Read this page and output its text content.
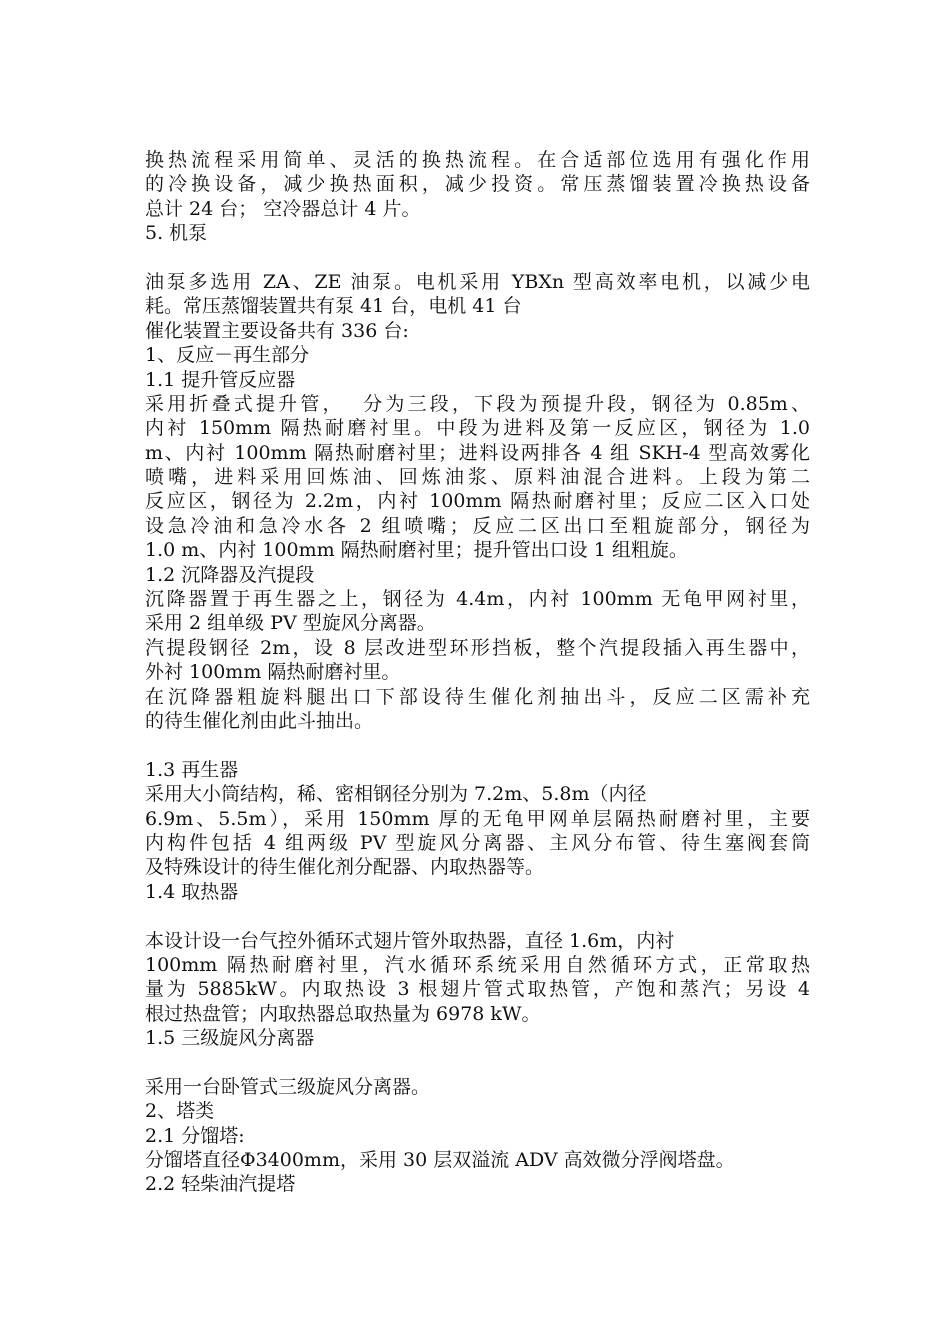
换热流程采用简单、灵活的换热流程。在合适部位选用有强化作用
的冷换设备，减少换热面积，减少投资。常压蒸馏装置冷换热设备
总计 24 台； 空冷器总计 4 片。
5. 机泵
油泵多选用 ZA、ZE 油泵。电机采用 YBXn 型高效率电机，以减少电
耗。常压蒸馏装置共有泵 41 台，电机 41 台
催化装置主要设备共有 336 台:
1、反应－再生部分
1.1 提升管反应器
采用折叠式提升管，  分为三段，下段为预提升段，钢径为 0.85m、
内衬 150mm 隔热耐磨衬里。中段为进料及第一反应区，钢径为 1.0
m、内衬 100mm 隔热耐磨衬里；进料设两排各 4 组 SKH-4 型高效雾化
喷嘴，进料采用回炼油、回炼油浆、原料油混合进料。上段为第二
反应区，钢径为 2.2m，内衬 100mm 隔热耐磨衬里；反应二区入口处
设急冷油和急冷水各 2 组喷嘴；反应二区出口至粗旋部分，钢径为
1.0 m、内衬 100mm 隔热耐磨衬里；提升管出口设 1 组粗旋。
1.2 沉降器及汽提段
沉降器置于再生器之上，钢径为 4.4m，内衬 100mm 无龟甲网衬里，
采用 2 组单级 PV 型旋风分离器。
汽提段钢径 2m，设 8 层改进型环形挡板，整个汽提段插入再生器中，
外衬 100mm 隔热耐磨衬里。
在沉降器粗旋料腿出口下部设待生催化剂抽出斗，反应二区需补充
的待生催化剂由此斗抽出。
1.3 再生器
采用大小筒结构，稀、密相钢径分别为 7.2m、5.8m（内径
6.9m、5.5m），采用 150mm 厚的无龟甲网单层隔热耐磨衬里，主要
内构件包括 4 组两级 PV 型旋风分离器、主风分布管、待生塞阀套筒
及特殊设计的待生催化剂分配器、内取热器等。
1.4 取热器
本设计设一台气控外循环式翅片管外取热器，直径 1.6m，内衬
100mm 隔热耐磨衬里，汽水循环系统采用自然循环方式，正常取热
量为 5885kW。内取热设 3 根翅片管式取热管，产饱和蒸汽；另设 4
根过热盘管；内取热器总取热量为 6978 kW。
1.5 三级旋风分离器
采用一台卧管式三级旋风分离器。
2、塔类
2.1 分馏塔:
分馏塔直径Φ3400mm，采用 30 层双溢流 ADV 高效微分浮阀塔盘。
2.2 轻柴油汽提塔
